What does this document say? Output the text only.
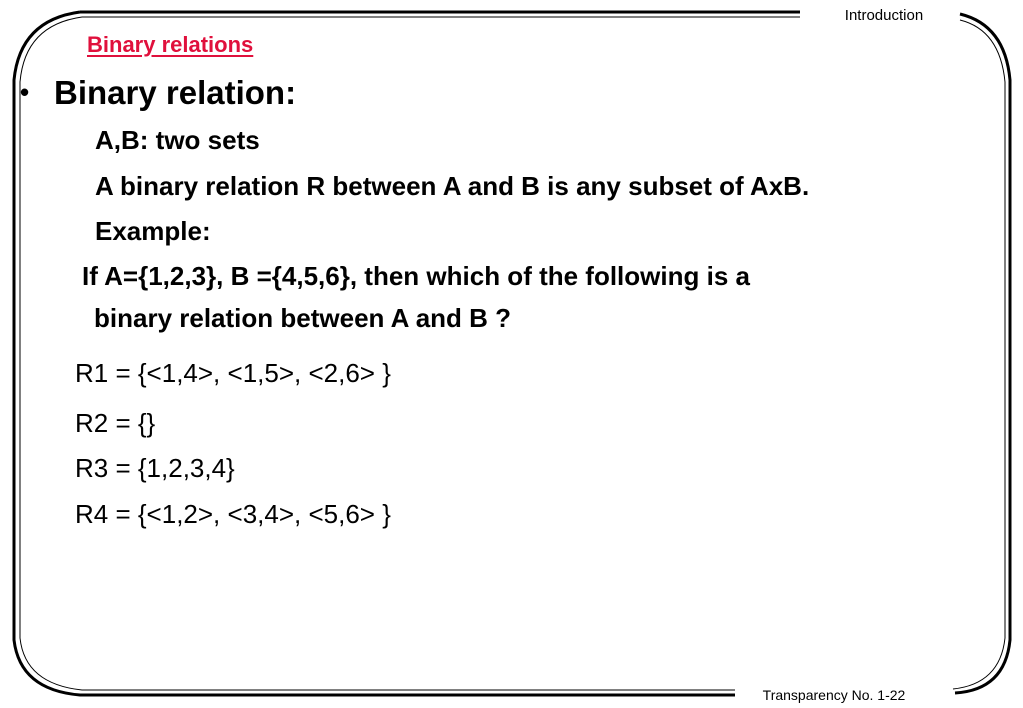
Introduction
Binary relations
• Binary relation:
A,B: two sets
A binary relation R between A and B is any subset of AxB.
Example:
If A={1,2,3}, B ={4,5,6}, then which of the following is a
binary relation between A and B ?
R1 = {<1,4>, <1,5>, <2,6> }
R2 = {}
R3 = {1,2,3,4}
R4 = {<1,2>, <3,4>, <5,6> }
Transparency No. 1-22
